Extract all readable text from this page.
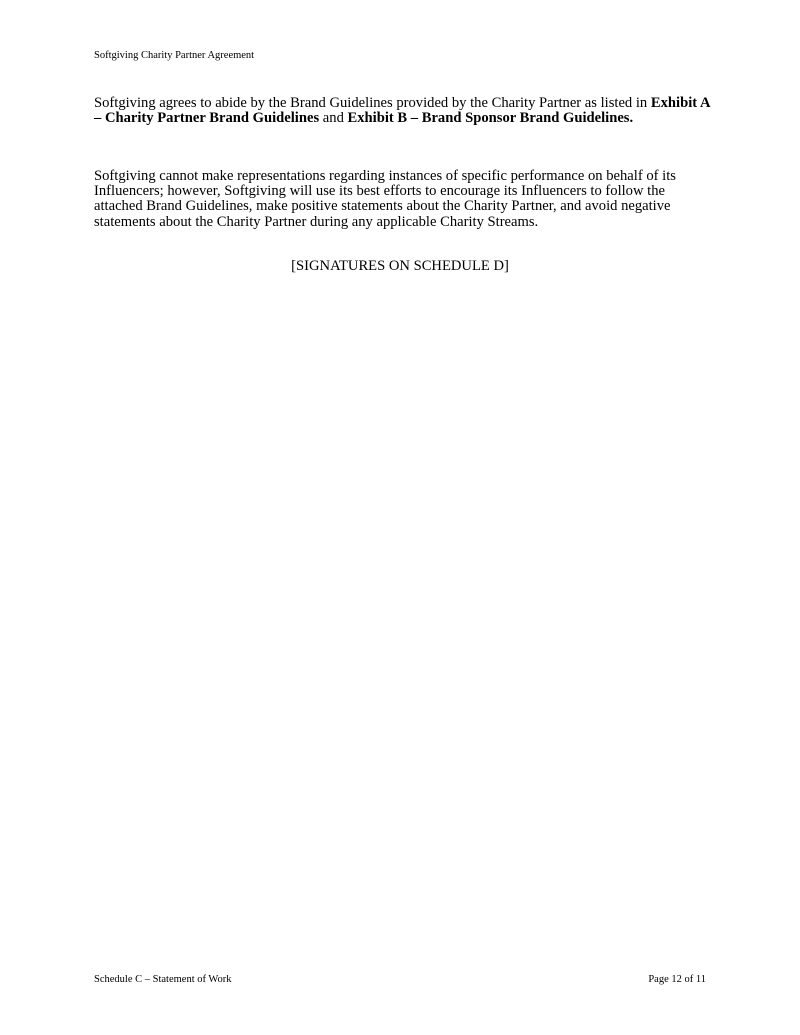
Softgiving Charity Partner Agreement

Softgiving agrees to abide by the Brand Guidelines provided by the Charity Partner as listed in Exhibit A – Charity Partner Brand Guidelines and Exhibit B – Brand Sponsor Brand Guidelines.

Softgiving cannot make representations regarding instances of specific performance on behalf of its Influencers; however, Softgiving will use its best efforts to encourage its Influencers to follow the attached Brand Guidelines, make positive statements about the Charity Partner, and avoid negative statements about the Charity Partner during any applicable Charity Streams.

[SIGNATURES ON SCHEDULE D]
Schedule C – Statement of Work	Page 12 of 11
